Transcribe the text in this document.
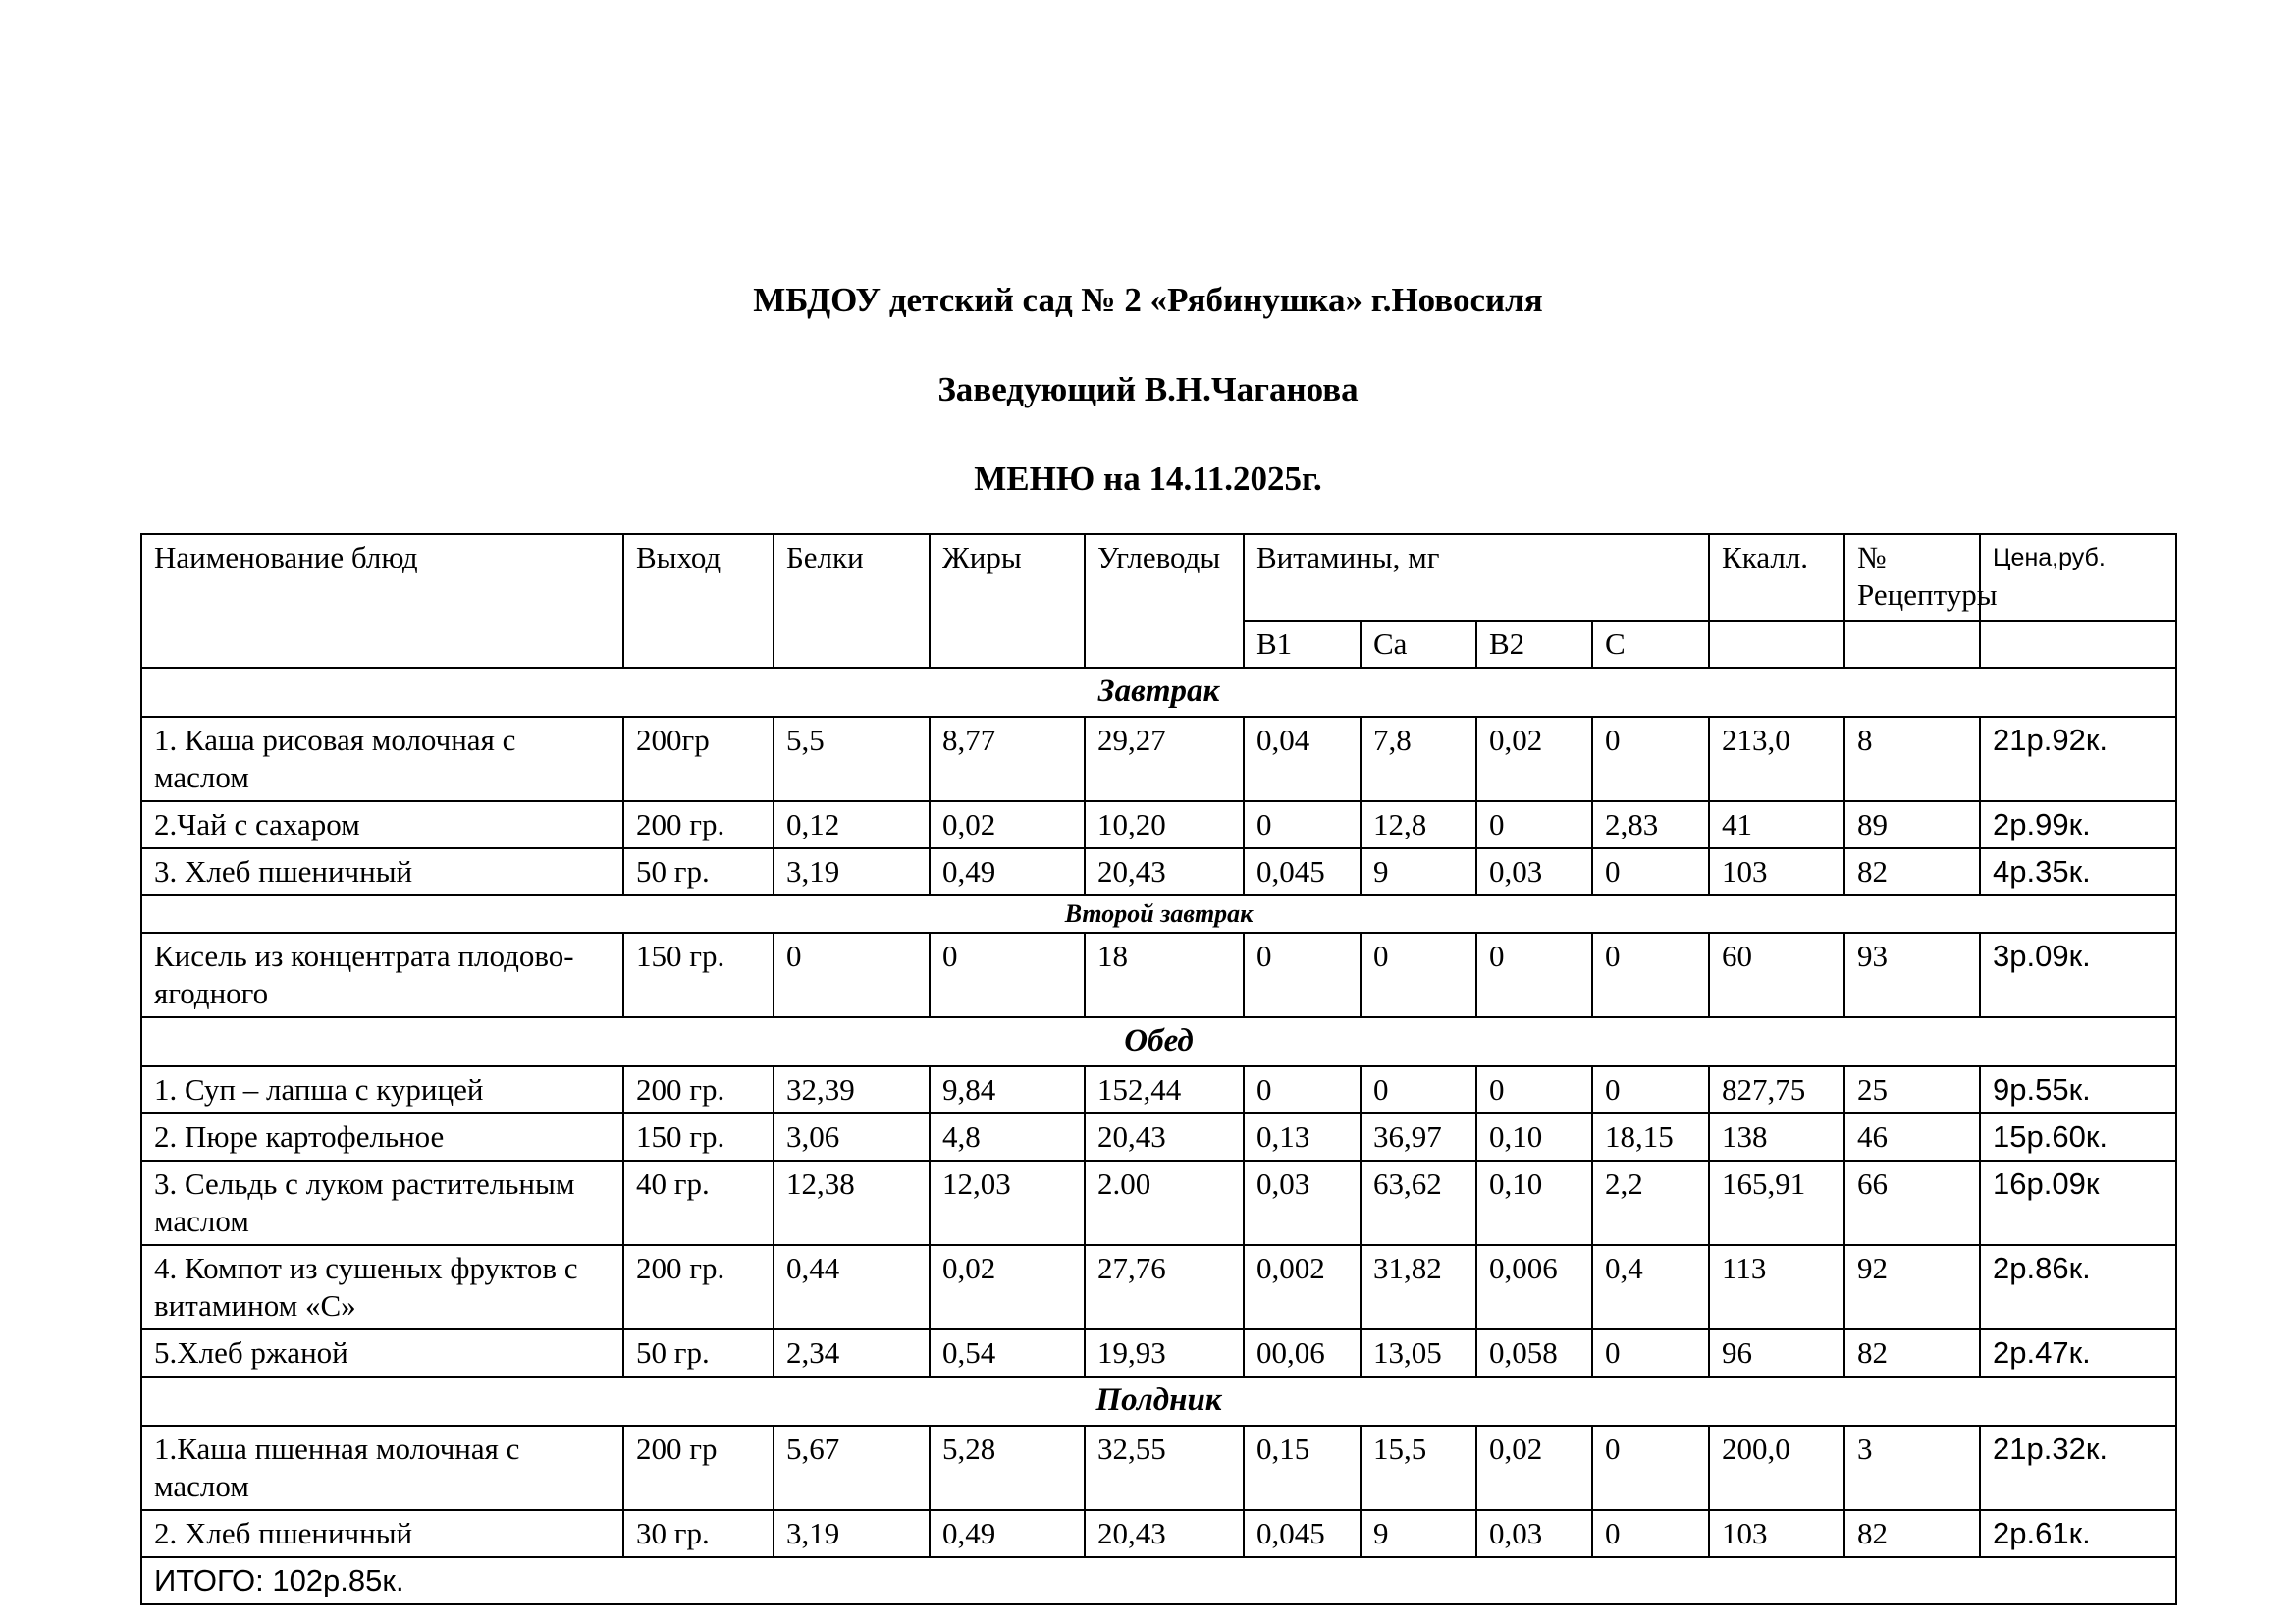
МБДОУ детский сад № 2 «Рябинушка» г.Новосиля
Заведующий В.Н.Чаганова
МЕНЮ на 14.11.2025г.
Наименование блюд	Выход	Белки	Жиры	Углеводы	Витамины, мг				Ккалл.	№ Рецептуры	Цена,руб.
					B1	Ca	B2	C			
Завтрак											
1. Каша рисовая молочная с маслом	200гр	5,5	8,77	29,27	0,04	7,8	0,02	0	213,0	8	21р.92к.
2.Чай с сахаром	200 гр.	0,12	0,02	10,20	0	12,8	0	2,83	41	89	2р.99к.
3. Хлеб пшеничный	50 гр.	3,19	0,49	20,43	0,045	9	0,03	0	103	82	4р.35к.
Второй завтрак											
Кисель из концентрата плодово-ягодного	150 гр.	0	0	18	0	0	0	0	60	93	3р.09к.
Обед											
1. Суп – лапша с курицей	200 гр.	32,39	9,84	152,44	0	0	0	0	827,75	25	9р.55к.
2. Пюре картофельное	150 гр.	3,06	4,8	20,43	0,13	36,97	0,10	18,15	138	46	15р.60к.
3. Сельдь с луком растительным маслом	40 гр.	12,38	12,03	2.00	0,03	63,62	0,10	2,2	165,91	66	16р.09к
4. Компот из сушеных фруктов с витамином «С»	200 гр.	0,44	0,02	27,76	0,002	31,82	0,006	0,4	113	92	2р.86к.
5.Хлеб ржаной	50 гр.	2,34	0,54	19,93	00,06	13,05	0,058	0	96	82	2р.47к.
Полдник											
1.Каша пшенная молочная с маслом	200 гр	5,67	5,28	32,55	0,15	15,5	0,02	0	200,0	3	21р.32к.
2. Хлеб пшеничный	30 гр.	3,19	0,49	20,43	0,045	9	0,03	0	103	82	2р.61к.
ИТОГО: 102р.85к.											
